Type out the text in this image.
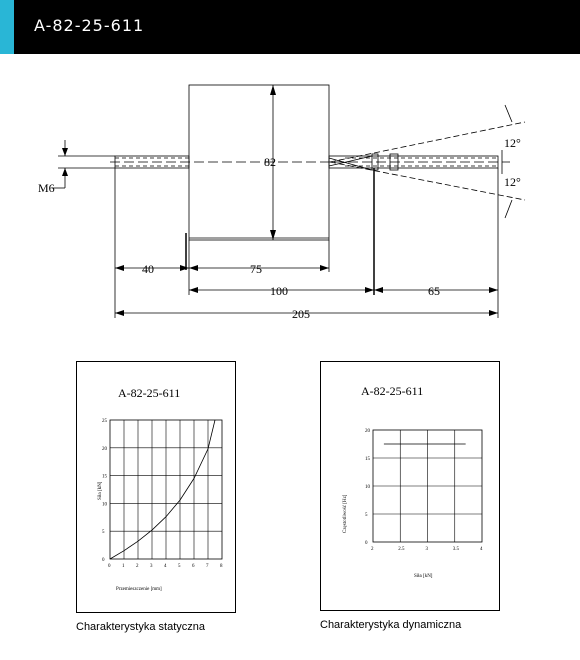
A-82-25-611
82
40	75
100	65
205
M6
12°
12°
A-82-25-611
0 1 2 3 4 5 6 7 8
0
5
10
15
20
25
Siła [kN]
Przemieszczenie [mm]
Charakterystyka statyczna
A-82-25-611
2	2.5	3	3.5	4
0
5
10
15
20
Częstotliwość [Hz]
Siła [kN]
Charakterystyka dynamiczna
